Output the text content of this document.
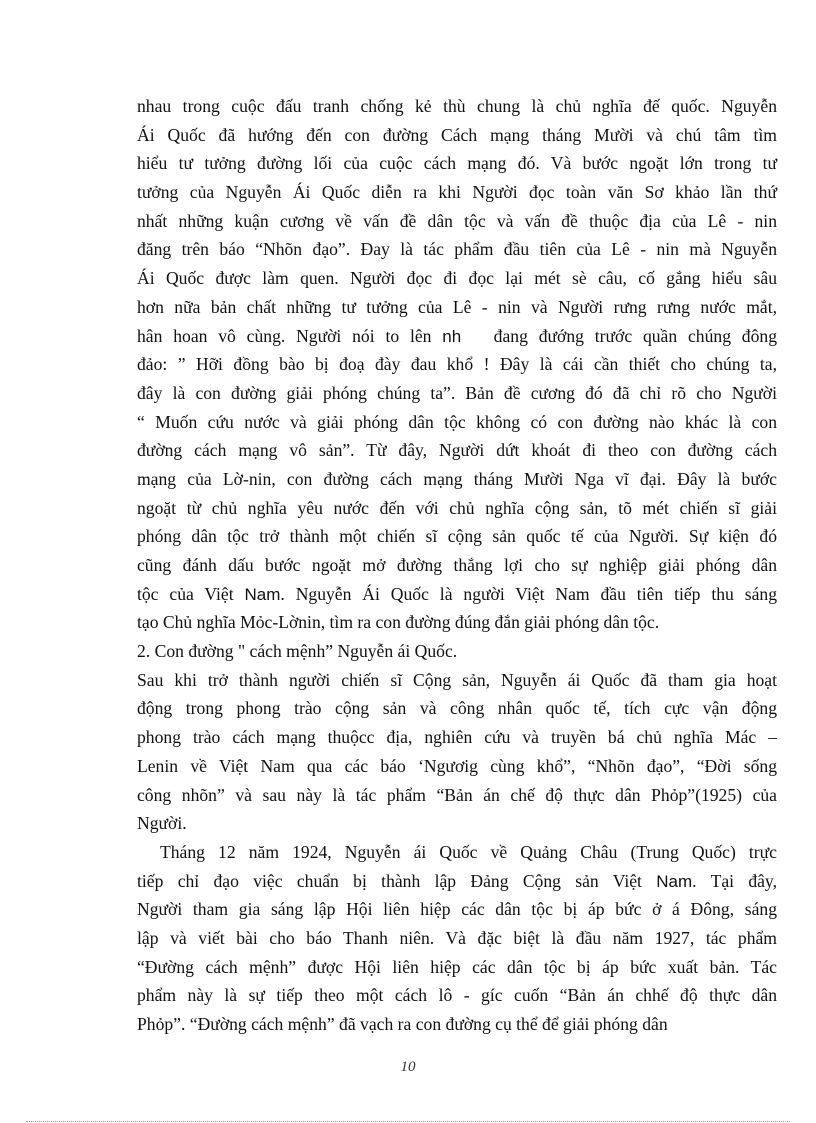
nhau trong cuộc đấu tranh chống kẻ thù chung là chủ nghĩa đế quốc. Nguyễn
Ái Quốc đã hướng đến con đường Cách mạng tháng Mười và chú tâm tìm
hiểu tư tưởng đường lối của cuộc cách mạng đó. Và bước ngoặt lớn trong tư
tưởng của Nguyễn Ái Quốc diễn ra khi Người đọc toàn văn Sơ khảo lần thứ
nhất những kuận cương về vấn đề dân tộc và vấn đề thuộc địa của Lê - nin
đăng trên báo “Nhõn đạo”. Đay là tác phẩm đầu tiên của Lê - nin mà Nguyễn
Ái Quốc được làm quen. Người đọc đi đọc lại mét sè câu, cố gắng hiểu sâu
hơn nữa bản chất những tư tưởng của Lê - nin và Người rưng rưng nước mắt,
hân hoan vô cùng. Người nói to lên nh   đang đướng trước quần chúng đông
đảo: ” Hỡi đồng bào bị đoạ đày đau khổ ! Đây là cái cần thiết cho chúng ta,
đây là con đường giải phóng chúng ta”. Bản đề cương đó đã chỉ rõ cho Người
“ Muốn cứu nước và giải phóng dân tộc không có con đường nào khác là con
đường cách mạng vô sản”. Từ đây, Người dứt khoát đi theo con đường cách
mạng của Lờ-nin, con đường cách mạng tháng Mười Nga vĩ đại. Đây là bước
ngoặt từ chủ nghĩa yêu nước đến với chủ nghĩa cộng sản, tõ mét chiến sĩ giải
phóng dân tộc trở thành một chiến sĩ cộng sản quốc tế của Người. Sự kiện đó
cũng đánh dấu bước ngoặt mở đường thắng lợi cho sự nghiệp giải phóng dân
tộc của Việt Nam. Nguyễn Ái Quốc là người Việt Nam đầu tiên tiếp thu sáng
tạo Chủ nghĩa Mỏc-Lờnin, tìm ra con đường đúng đắn giải phóng dân tộc.
2. Con đường " cách mệnh” Nguyễn ái Quốc.
Sau khi trở thành người chiến sĩ Cộng sản, Nguyễn ái Quốc đã tham gia hoạt
động trong phong trào cộng sản và công nhân quốc tế, tích cực vận động
phong trào cách mạng thuộcc địa, nghiên cứu và truyền bá chủ nghĩa Mác –
Lenin về Việt Nam qua các báo ‘Ngươig cùng khổ”, “Nhõn đạo”, “Đời sống
công nhõn” và sau này là tác phẩm “Bản án chế độ thực dân Phỏp”(1925) của
Người.
Tháng 12 năm 1924, Nguyễn ái Quốc về Quảng Châu (Trung Quốc) trực
tiếp chỉ đạo việc chuẩn bị thành lập Đảng Cộng sản Việt Nam. Tại đây,
Người tham gia sáng lập Hội liên hiệp các dân tộc bị áp bức ở á Đông, sáng
lập và viết bài cho báo Thanh niên. Và đặc biệt là đầu năm 1927, tác phẩm
“Đường cách mệnh” được Hội liên hiệp các dân tộc bị áp bức xuất bản. Tác
phẩm này là sự tiếp theo một cách lô - gíc cuốn “Bản án chhế độ thực dân
Phỏp”. “Đường cách mệnh” đã vạch ra con đường cụ thể để giải phóng dân
10
